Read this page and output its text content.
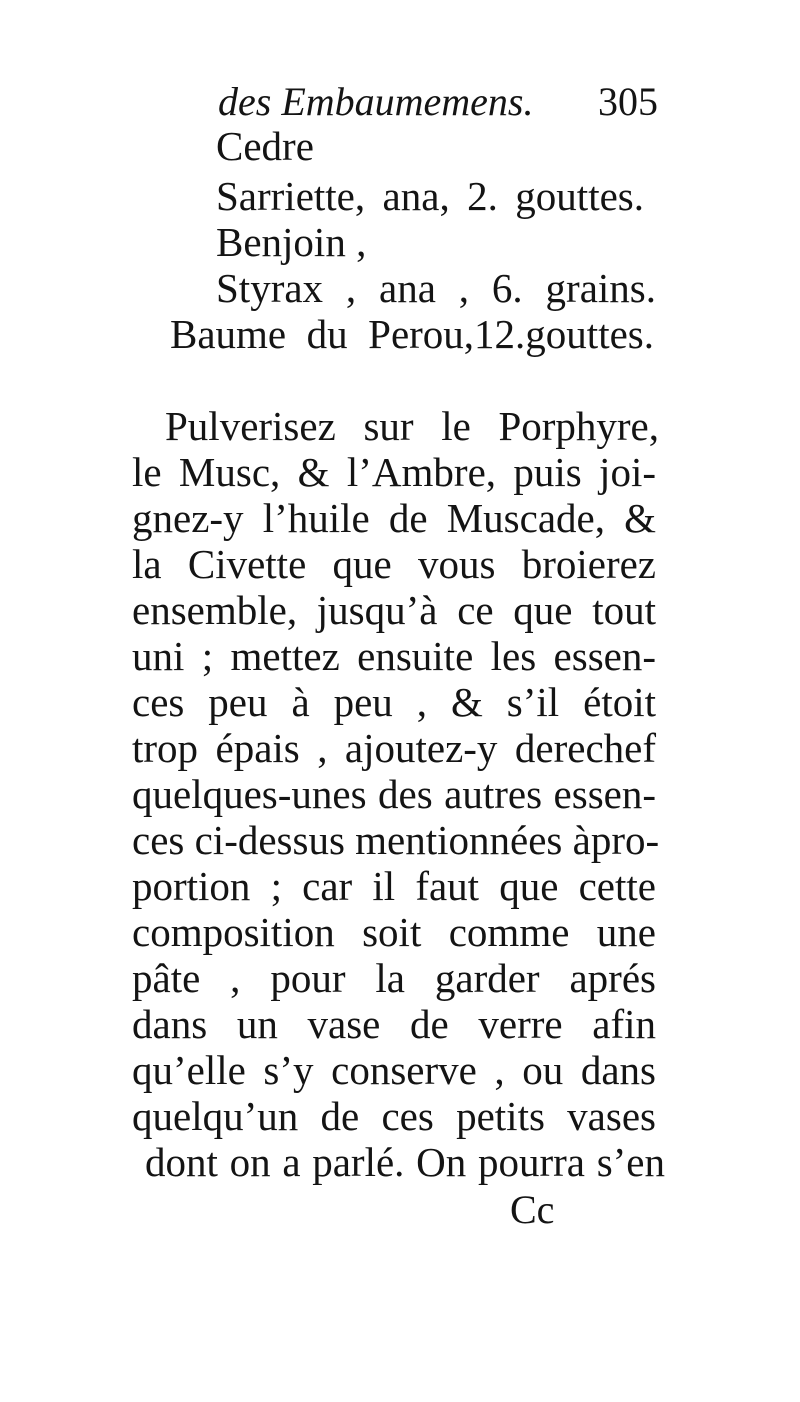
des Embaumemens. 305
Cedre
Sarriette, ana, 2. gouttes.
Benjoin ,
Styrax , ana , 6. grains.
Baume du Perou,12.gouttes.
Pulverisez sur le Porphyre,
le Musc, & l’Ambre, puis joi-
gnez-y l’huile de Muscade, &
la Civette que vous broierez
ensemble, jusqu’à ce que tout
uni ; mettez ensuite les essen-
ces peu à peu , & s’il étoit
trop épais , ajoutez-y derechef
quelques-unes des autres essen-
ces ci-dessus mentionnées àpro-
portion ; car il faut que cette
composition soit comme une
pâte , pour la garder aprés
dans un vase de verre afin
qu’elle s’y conserve , ou dans
quelqu’un de ces petits vases
dont on a parlé. On pourra s’en
Cc
